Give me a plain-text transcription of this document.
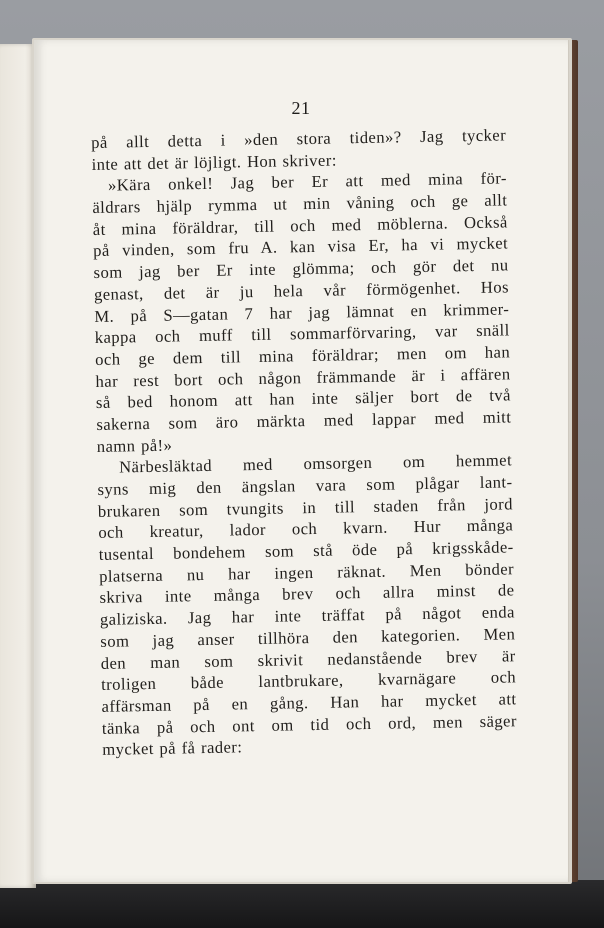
21
på allt detta i »den stora tiden»? Jag tycker
inte att det är löjligt. Hon skriver:
»Kära onkel! Jag ber Er att med mina för-
äldrars hjälp rymma ut min våning och ge allt
åt mina föräldrar, till och med möblerna. Också
på vinden, som fru A. kan visa Er, ha vi mycket
som jag ber Er inte glömma; och gör det nu
genast, det är ju hela vår förmögenhet. Hos
M. på S—gatan 7 har jag lämnat en krimmer-
kappa och muff till sommarförvaring, var snäll
och ge dem till mina föräldrar; men om han
har rest bort och någon främmande är i affären
så bed honom att han inte säljer bort de två
sakerna som äro märkta med lappar med mitt
namn på!»
Närbesläktad med omsorgen om hemmet
syns mig den ängslan vara som plågar lant-
brukaren som tvungits in till staden från jord
och kreatur, lador och kvarn. Hur många
tusental bondehem som stå öde på krigsskåde-
platserna nu har ingen räknat. Men bönder
skriva inte många brev och allra minst de
galiziska. Jag har inte träffat på något enda
som jag anser tillhöra den kategorien. Men
den man som skrivit nedanstående brev är
troligen både lantbrukare, kvarnägare och
affärsman på en gång. Han har mycket att
tänka på och ont om tid och ord, men säger
mycket på få rader:
